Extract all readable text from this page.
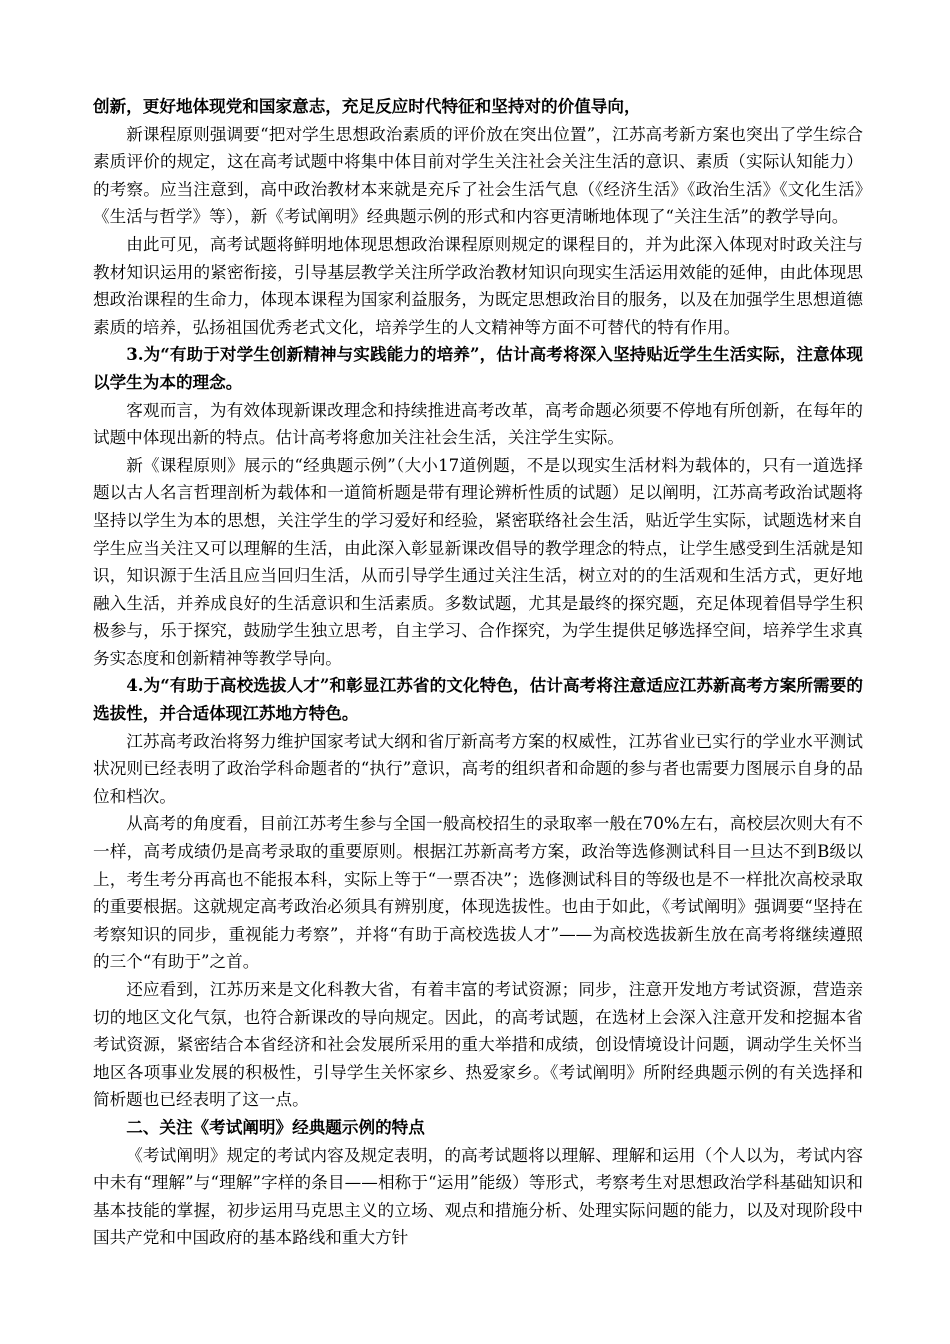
创新，更好地体现党和国家意志，充足反应时代特征和坚持对的价值导向，

新课程原则强调要“把对学生思想政治素质的评价放在突出位置”，江苏高考新方案也突出了学生综合素质评价的规定，这在高考试题中将集中体目前对学生关注社会关注生活的意识、素质（实际认知能力）的考察。应当注意到，高中政治教材本来就是充斥了社会生活气息（《经济生活》《政治生活》《文化生活》《生活与哲学》等），新《考试阐明》经典题示例的形式和内容更清晰地体现了“关注生活”的教学导向。

由此可见，高考试题将鲜明地体现思想政治课程原则规定的课程目的，并为此深入体现对时政关注与教材知识运用的紧密衔接，引导基层教学关注所学政治教材知识向现实生活运用效能的延伸，由此体现思想政治课程的生命力，体现本课程为国家利益服务，为既定思想政治目的服务，以及在加强学生思想道德素质的培养，弘扬祖国优秀老式文化，培养学生的人文精神等方面不可替代的特有作用。

3.为“有助于对学生创新精神与实践能力的培养”，估计高考将深入坚持贴近学生生活实际，注意体现以学生为本的理念。

客观而言，为有效体现新课改理念和持续推进高考改革，高考命题必须要不停地有所创新，在每年的试题中体现出新的特点。估计高考将愈加关注社会生活，关注学生实际。

新《课程原则》展示的“经典题示例”（大小17道例题，不是以现实生活材料为载体的，只有一道选择题以古人名言哲理剖析为载体和一道简析题是带有理论辨析性质的试题）足以阐明，江苏高考政治试题将坚持以学生为本的思想，关注学生的学习爱好和经验，紧密联络社会生活，贴近学生实际，试题选材来自学生应当关注又可以理解的生活，由此深入彰显新课改倡导的教学理念的特点，让学生感受到生活就是知识，知识源于生活且应当回归生活，从而引导学生通过关注生活，树立对的的生活观和生活方式，更好地融入生活，并养成良好的生活意识和生活素质。多数试题，尤其是最终的探究题，充足体现着倡导学生积极参与，乐于探究，鼓励学生独立思考，自主学习、合作探究，为学生提供足够选择空间，培养学生求真务实态度和创新精神等教学导向。

4.为“有助于高校选拔人才”和彰显江苏省的文化特色，估计高考将注意适应江苏新高考方案所需要的选拔性，并合适体现江苏地方特色。

江苏高考政治将努力维护国家考试大纲和省厅新高考方案的权威性，江苏省业已实行的学业水平测试状况则已经表明了政治学科命题者的“执行”意识，高考的组织者和命题的参与者也需要力图展示自身的品位和档次。

从高考的角度看，目前江苏考生参与全国一般高校招生的录取率一般在70%左右，高校层次则大有不一样，高考成绩仍是高考录取的重要原则。根据江苏新高考方案，政治等选修测试科目一旦达不到B级以上，考生考分再高也不能报本科，实际上等于“一票否决”；选修测试科目的等级也是不一样批次高校录取的重要根据。这就规定高考政治必须具有辨别度，体现选拔性。也由于如此，《考试阐明》强调要“坚持在考察知识的同步，重视能力考察”，并将“有助于高校选拔人才”——为高校选拔新生放在高考将继续遵照的三个“有助于”之首。

还应看到，江苏历来是文化科教大省，有着丰富的考试资源；同步，注意开发地方考试资源，营造亲切的地区文化气氛，也符合新课改的导向规定。因此，的高考试题，在选材上会深入注意开发和挖掘本省考试资源，紧密结合本省经济和社会发展所采用的重大举措和成绩，创设情境设计问题，调动学生关怀当地区各项事业发展的积极性，引导学生关怀家乡、热爱家乡。《考试阐明》所附经典题示例的有关选择和简析题也已经表明了这一点。

二、关注《考试阐明》经典题示例的特点

《考试阐明》规定的考试内容及规定表明，的高考试题将以理解、理解和运用（个人以为，考试内容中未有“理解”与“理解”字样的条目——相称于“运用”能级）等形式，考察考生对思想政治学科基础知识和基本技能的掌握，初步运用马克思主义的立场、观点和措施分析、处理实际问题的能力，以及对现阶段中国共产党和中国政府的基本路线和重大方针
